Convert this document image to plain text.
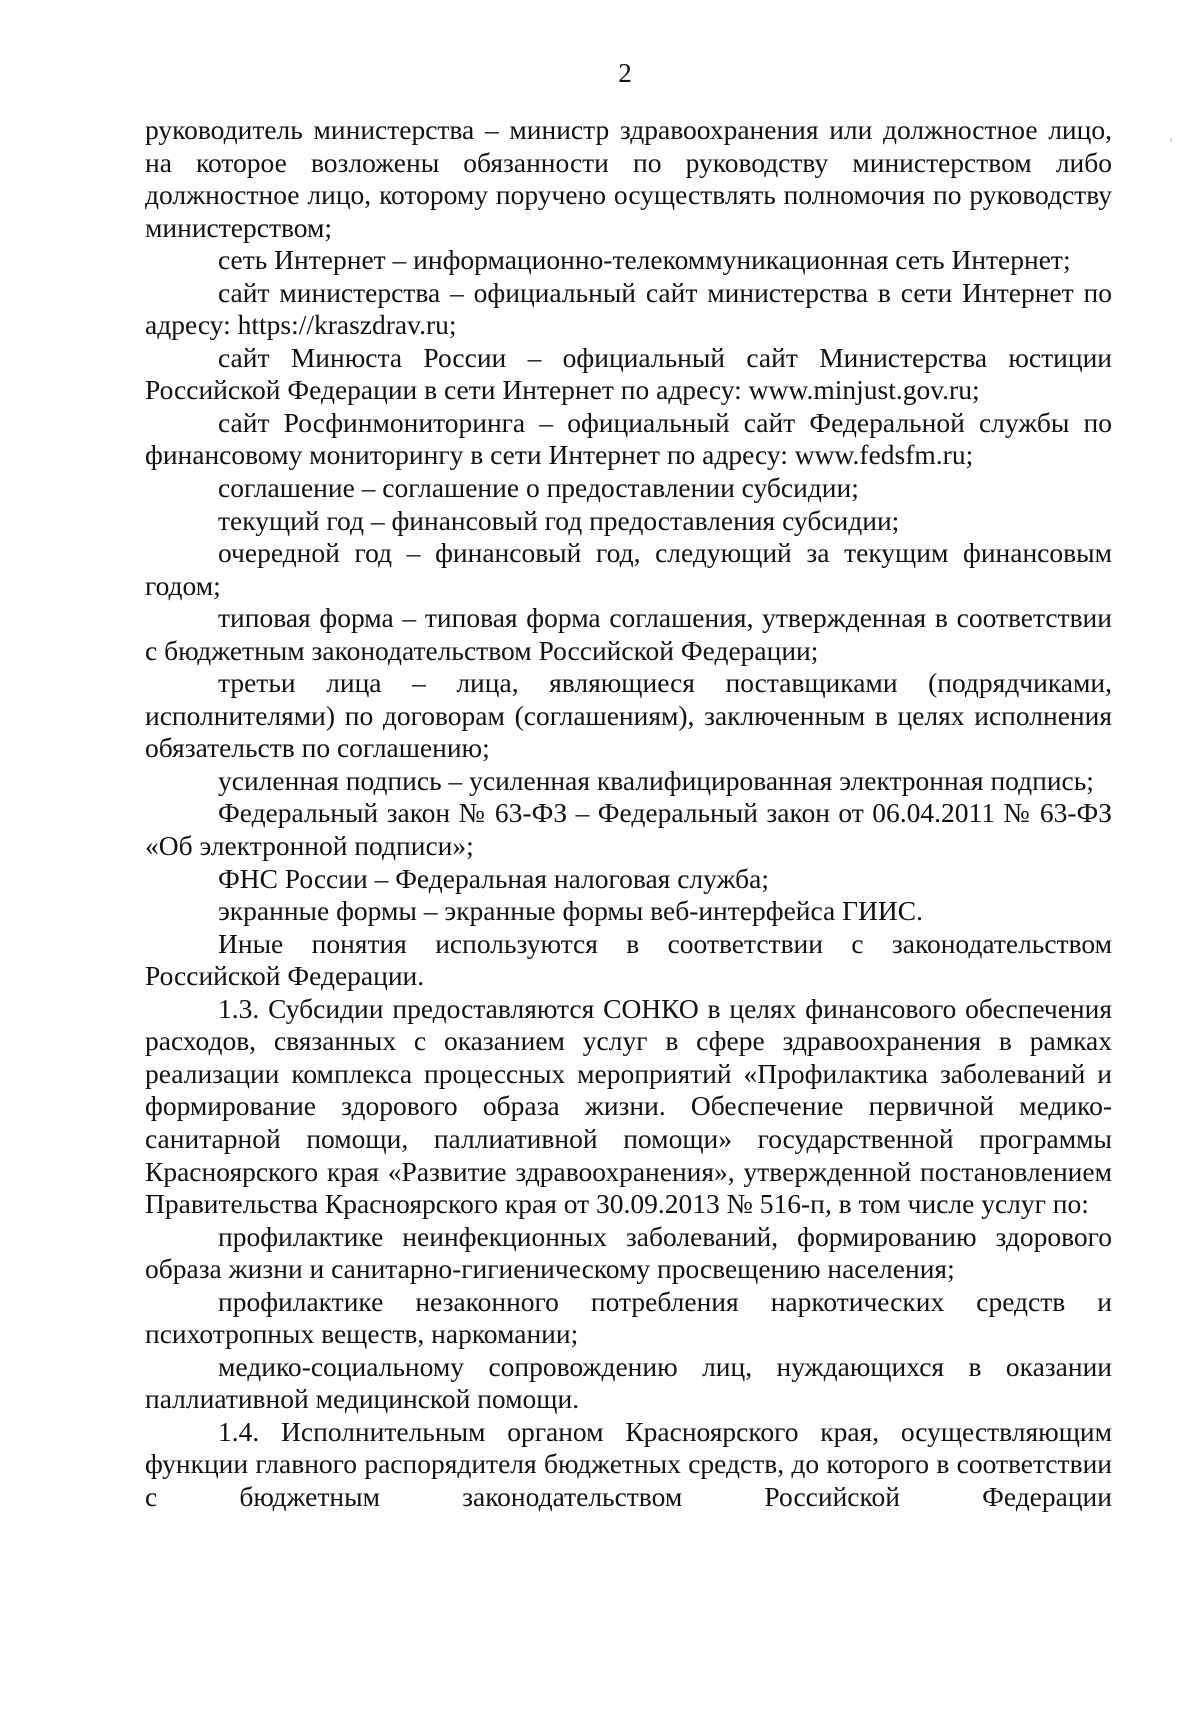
2

руководитель министерства – министр здравоохранения или должностное лицо, на которое возложены обязанности по руководству министерством либо должностное лицо, которому поручено осуществлять полномочия по руководству министерством;

сеть Интернет – информационно-телекоммуникационная сеть Интернет;

сайт министерства – официальный сайт министерства в сети Интернет по адресу: https://kraszdrav.ru;

сайт Минюста России – официальный сайт Министерства юстиции Российской Федерации в сети Интернет по адресу: www.minjust.gov.ru;

сайт Росфинмониторинга – официальный сайт Федеральной службы по финансовому мониторингу в сети Интернет по адресу: www.fedsfm.ru;

соглашение – соглашение о предоставлении субсидии;

текущий год – финансовый год предоставления субсидии;

очередной год – финансовый год, следующий за текущим финансовым годом;

типовая форма – типовая форма соглашения, утвержденная в соответствии с бюджетным законодательством Российской Федерации;

третьи лица – лица, являющиеся поставщиками (подрядчиками, исполнителями) по договорам (соглашениям), заключенным в целях исполнения обязательств по соглашению;

усиленная подпись – усиленная квалифицированная электронная подпись;

Федеральный закон № 63-ФЗ – Федеральный закон от 06.04.2011 № 63-ФЗ «Об электронной подписи»;

ФНС России – Федеральная налоговая служба;

экранные формы – экранные формы веб-интерфейса ГИИС.

Иные понятия используются в соответствии с законодательством Российской Федерации.

1.3. Субсидии предоставляются СОНКО в целях финансового обеспечения расходов, связанных с оказанием услуг в сфере здравоохранения в рамках реализации комплекса процессных мероприятий «Профилактика заболеваний и формирование здорового образа жизни. Обеспечение первичной медико-санитарной помощи, паллиативной помощи» государственной программы Красноярского края «Развитие здравоохранения», утвержденной постановлением Правительства Красноярского края от 30.09.2013 № 516-п, в том числе услуг по:

профилактике неинфекционных заболеваний, формированию здорового образа жизни и санитарно-гигиеническому просвещению населения;

профилактике незаконного потребления наркотических средств и психотропных веществ, наркомании;

медико-социальному сопровождению лиц, нуждающихся в оказании паллиативной медицинской помощи.

1.4. Исполнительным органом Красноярского края, осуществляющим функции главного распорядителя бюджетных средств, до которого в соответствии с бюджетным законодательством Российской Федерации
